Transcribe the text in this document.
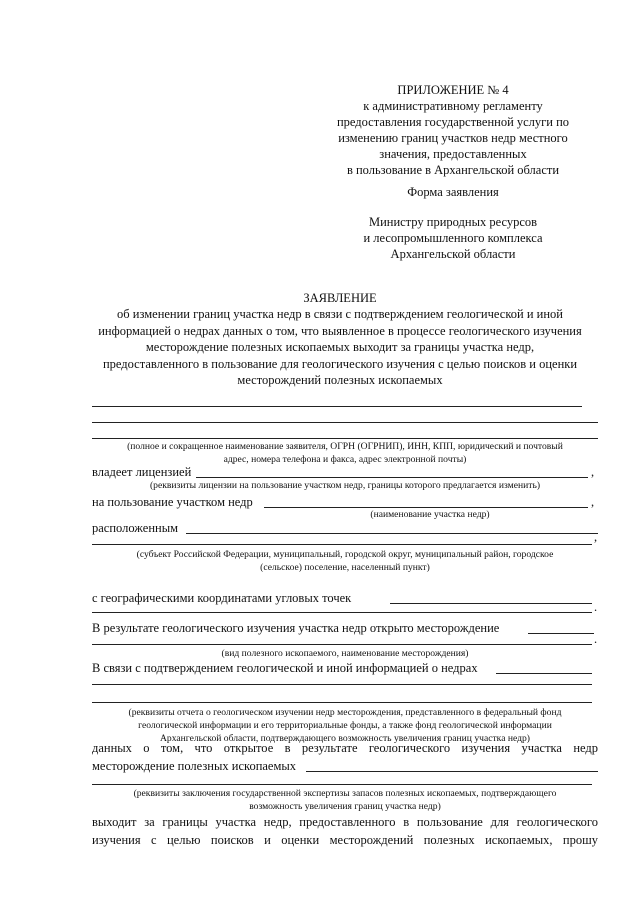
ПРИЛОЖЕНИЕ № 4
к административному регламенту
предоставления государственной услуги по
изменению границ участков недр местного
значения, предоставленных
в пользование в Архангельской области
Форма заявления
Министру природных ресурсов
и лесопромышленного комплекса
Архангельской области
ЗАЯВЛЕНИЕ
об изменении границ участка недр в связи с подтверждением геологической и иной
информацией о недрах данных о том, что выявленное в процессе геологического изучения
месторождение полезных ископаемых выходит за границы участка недр,
предоставленного в пользование для геологического изучения с целью поисков и оценки
месторождений полезных ископаемых
(полное и сокращенное наименование заявителя, ОГРН (ОГРНИП), ИНН, КПП, юридический и почтовый
адрес, номера телефона и факса, адрес электронной почты)
владеет лицензией	,
(реквизиты лицензии на пользование участком недр, границы которого предлагается изменить)
на пользование участком недр	,
(наименование участка недр)
расположенным
,
(субъект Российской Федерации, муниципальный, городской округ, муниципальный район, городское
(сельское) поселение, населенный пункт)
с географическими координатами угловых точек
.
В результате геологического изучения участка недр открыто месторождение
.
(вид полезного ископаемого, наименование месторождения)
В связи с подтверждением геологической и иной информацией о недрах
(реквизиты отчета о геологическом изучении недр месторождения, представленного в федеральный фонд
геологической информации и его территориальные фонды, а также фонд геологической информации
Архангельской области, подтверждающего возможность увеличения границ участка недр)
данных о том, что открытое в результате геологического изучения участка недр
месторождение полезных ископаемых
(реквизиты заключения государственной экспертизы запасов полезных ископаемых, подтверждающего
возможность увеличения границ участка недр)
выходит за границы участка недр, предоставленного в пользование для геологического
изучения с целью поисков и оценки месторождений полезных ископаемых, прошу
